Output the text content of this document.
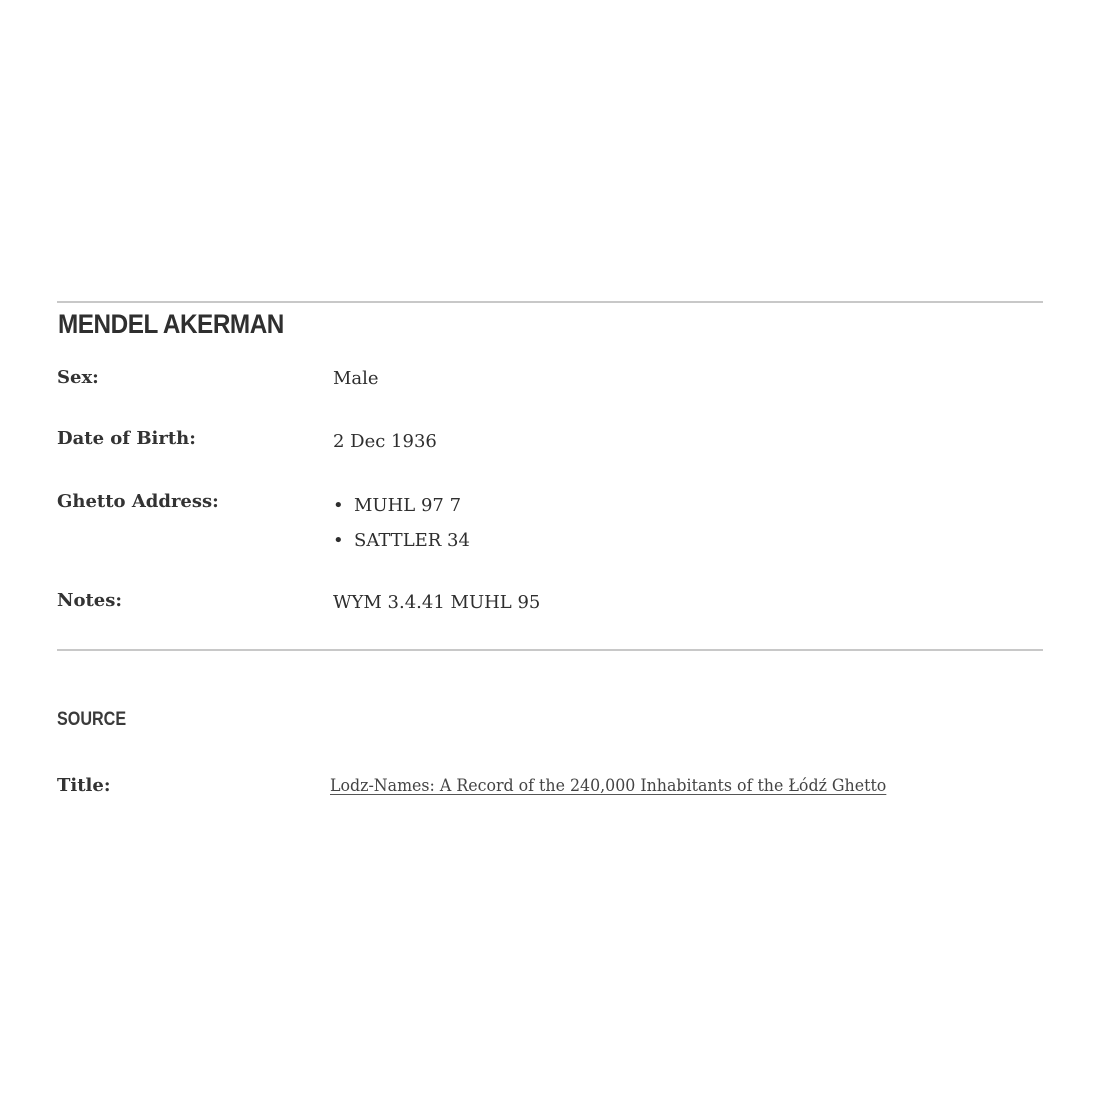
MENDEL AKERMAN
Sex:	Male
Date of Birth:	2 Dec 1936
Ghetto Address:	• MUHL 97 7
• SATTLER 34
Notes:	WYM 3.4.41 MUHL 95
SOURCE
Title:	Lodz-Names: A Record of the 240,000 Inhabitants of the Łódź Ghetto
